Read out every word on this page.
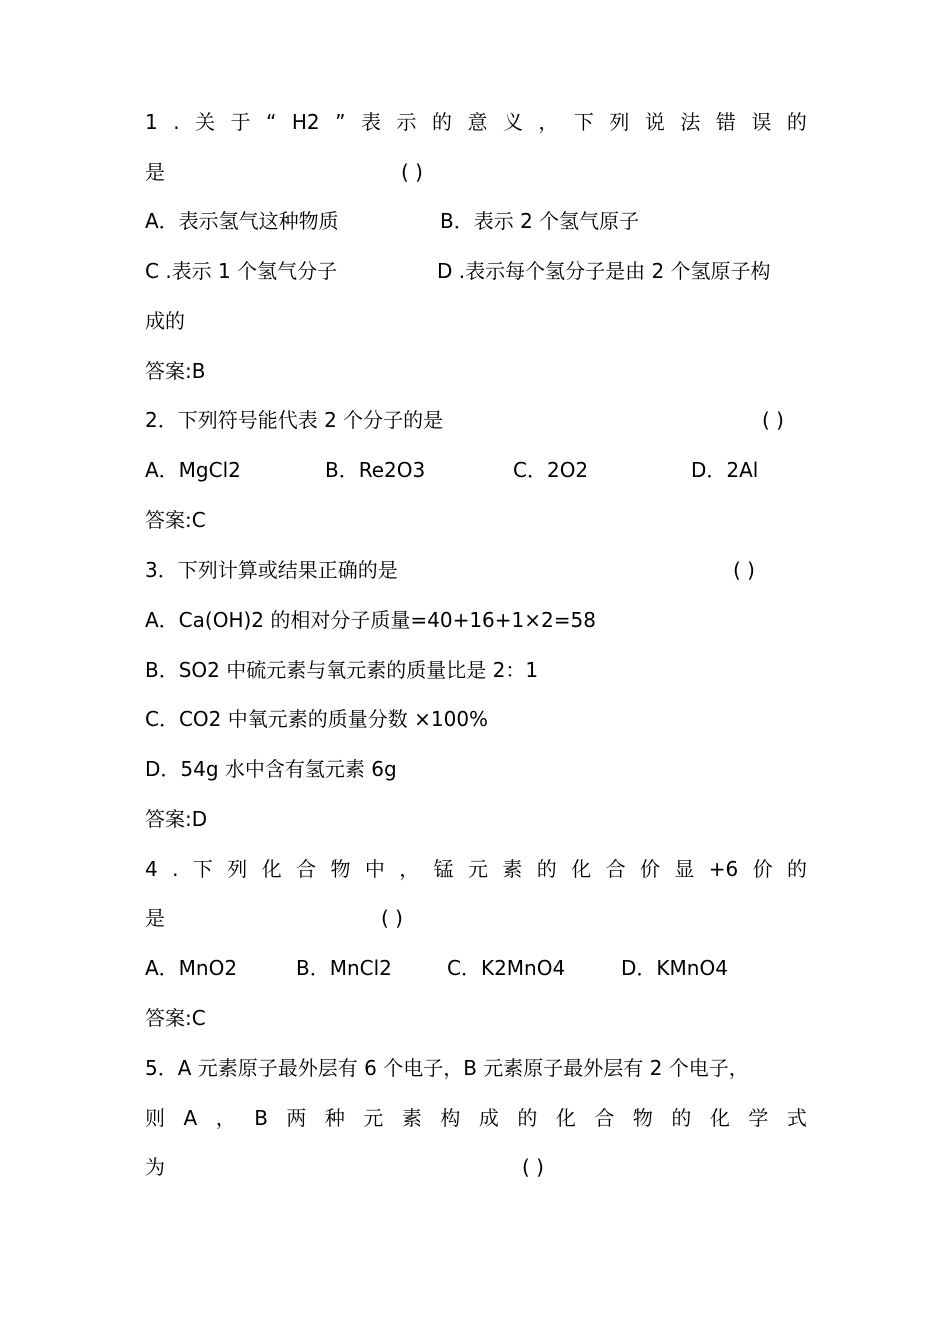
1 . 关 于 “ H2 ” 表 示 的 意 义 ， 下 列 说 法 错 误 的
是	( )
A．表示氢气这种物质	B．表示 2 个氢气原子
C .表示 1 个氢气分子	D .表示每个氢分子是由 2 个氢原子构
成的
答案:B
2．下列符号能代表 2 个分子的是	( )
A．MgCl2	B．Re2O3	C．2O2	D．2Al
答案:C
3．下列计算或结果正确的是	( )
A．Ca(OH)2 的相对分子质量=40+16+1×2=58
B．SO2 中硫元素与氧元素的质量比是 2：1
C．CO2 中氧元素的质量分数 ×100%
D．54g 水中含有氢元素 6g
答案:D
4 . 下 列 化 合 物 中 ， 锰 元 素 的 化 合 价 显 +6 价 的
是	( )
A．MnO2	B．MnCl2	C．K2MnO4	D．KMnO4
答案:C
5．A 元素原子最外层有 6 个电子，B 元素原子最外层有 2 个电子，
则 A ， B 两 种 元 素 构 成 的 化 合 物 的 化 学 式
为	( )
